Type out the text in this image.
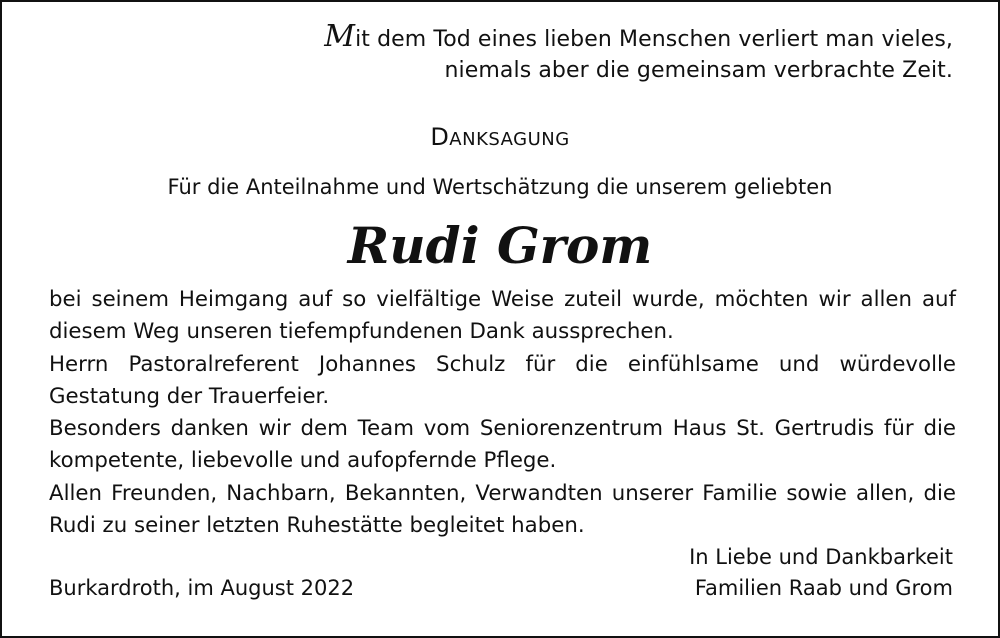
Mit dem Tod eines lieben Menschen verliert man vieles,
niemals aber die gemeinsam verbrachte Zeit.
DANKSAGUNG
Für die Anteilnahme und Wertschätzung die unserem geliebten
Rudi Grom

bei seinem Heimgang auf so vielfältige Weise zuteil wurde, möchten wir allen auf diesem Weg unseren tiefempfundenen Dank aussprechen.

Herrn Pastoralreferent Johannes Schulz für die einfühlsame und würdevolle Gestatung der Trauerfeier.

Besonders danken wir dem Team vom Seniorenzentrum Haus St. Gertrudis für die kompetente, liebevolle und aufopfernde Pflege.

Allen Freunden, Nachbarn, Bekannten, Verwandten unserer Familie sowie allen, die Rudi zu seiner letzten Ruhestätte begleitet haben.

In Liebe und Dankbarkeit
Familien Raab und Grom
Burkardroth, im August 2022
